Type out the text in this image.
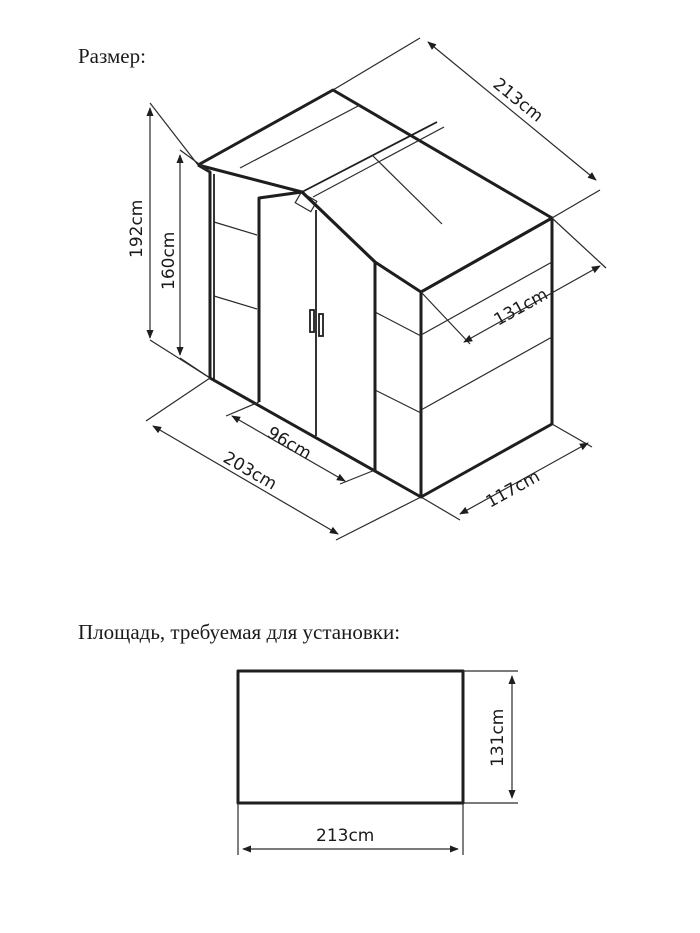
Размер:
Площадь, требуемая для установки:
213cm
192cm
160cm
131cm
96cm
203cm	117cm
131cm
213cm
